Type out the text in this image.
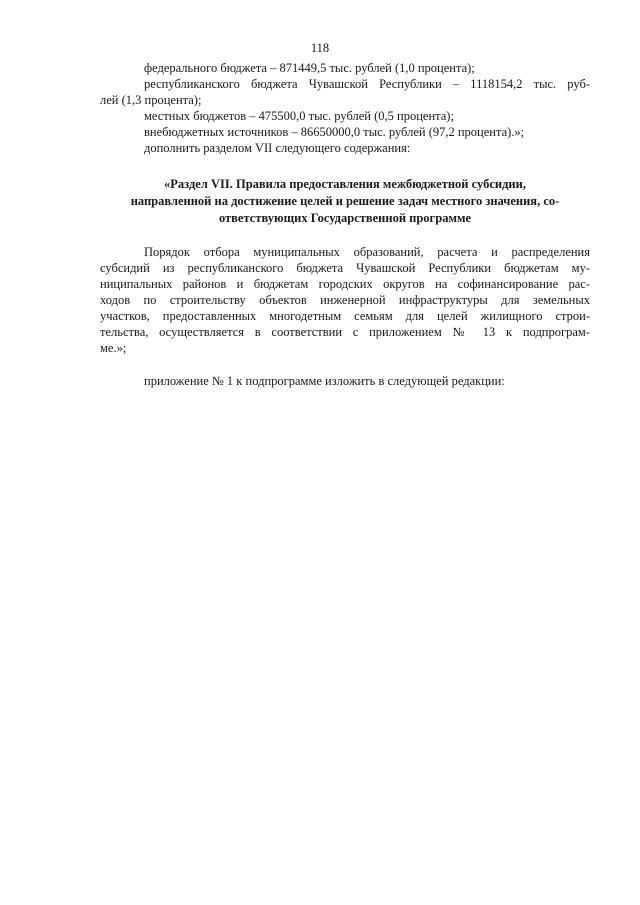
118

федерального бюджета – 871449,5 тыс. рублей (1,0 процента);

республиканского бюджета Чувашской Республики – 1118154,2 тыс. руб-

лей (1,3 процента);

местных бюджетов – 475500,0 тыс. рублей (0,5 процента);

внебюджетных источников – 86650000,0 тыс. рублей (97,2 процента).»;

дополнить разделом VII следующего содержания:

«Раздел VII. Правила предоставления межбюджетной субсидии,

направленной на достижение целей и решение задач местного значения, со-

ответствующих Государственной программе

Порядок отбора муниципальных образований, расчета и распределения

субсидий из республиканского бюджета Чувашской Республики бюджетам му-

ниципальных районов и бюджетам городских округов на софинансирование рас-

ходов по строительству объектов инженерной инфраструктуры для земельных

участков, предоставленных многодетным семьям для целей жилищного строи-

тельства, осуществляется в соответствии с приложением № 13 к подпрограм-

ме.»;

приложение № 1 к подпрограмме изложить в следующей редакции:
